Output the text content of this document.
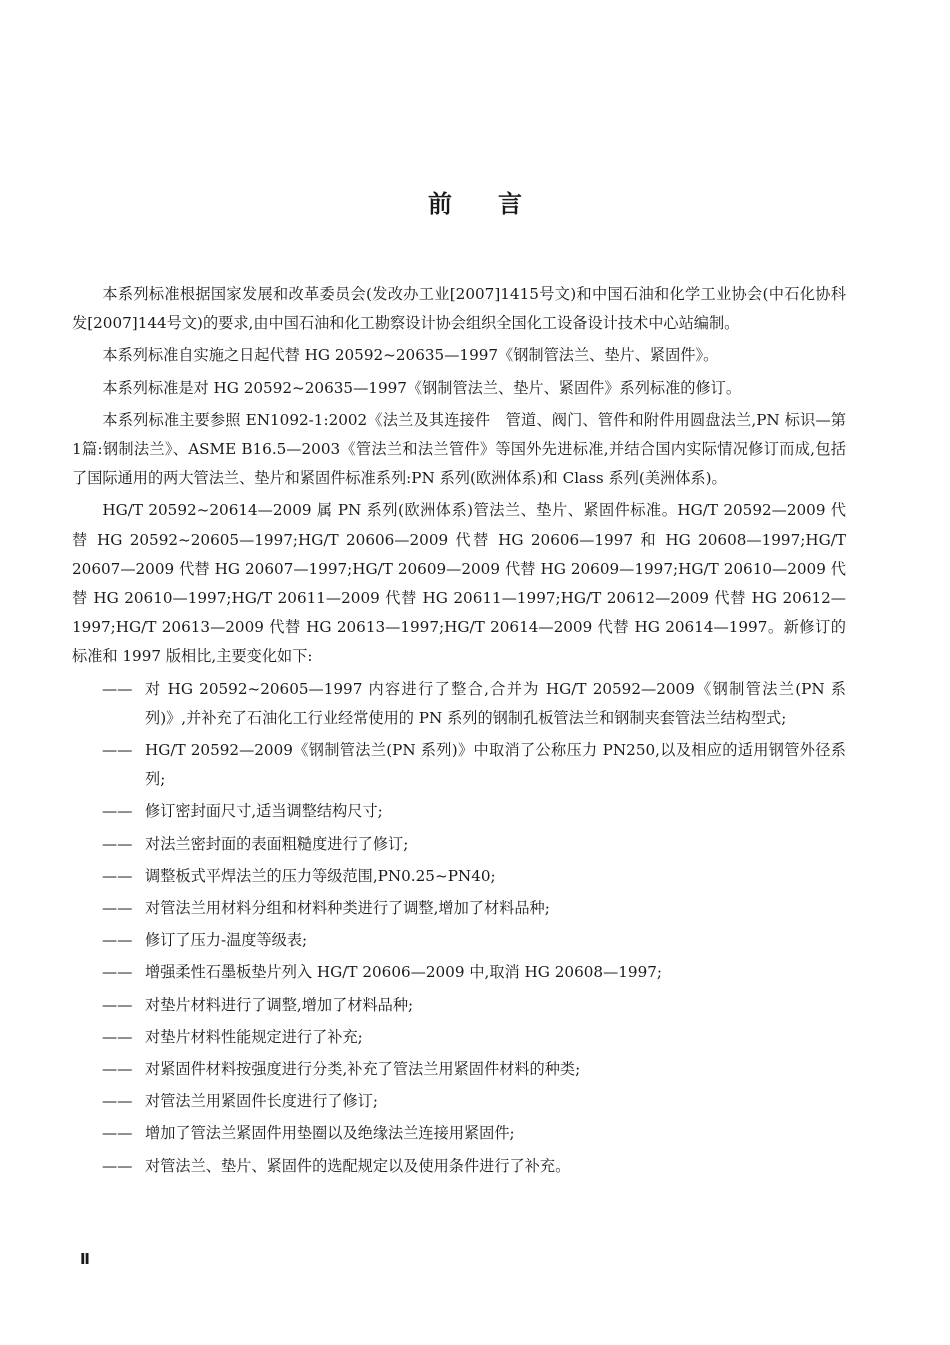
前言

本系列标准根据国家发展和改革委员会(发改办工业[2007]1415号文)和中国石油和化学工业协会(中石化协科发[2007]144号文)的要求,由中国石油和化工勘察设计协会组织全国化工设备设计技术中心站编制。

本系列标准自实施之日起代替 HG 20592~20635—1997《钢制管法兰、垫片、紧固件》。

本系列标准是对 HG 20592~20635—1997《钢制管法兰、垫片、紧固件》系列标准的修订。

本系列标准主要参照 EN1092-1:2002《法兰及其连接件　管道、阀门、管件和附件用圆盘法兰,PN 标识—第1篇:钢制法兰》、ASME B16.5—2003《管法兰和法兰管件》等国外先进标准,并结合国内实际情况修订而成,包括了国际通用的两大管法兰、垫片和紧固件标准系列:PN 系列(欧洲体系)和 Class 系列(美洲体系)。

HG/T 20592~20614—2009 属 PN 系列(欧洲体系)管法兰、垫片、紧固件标准。HG/T 20592—2009 代替 HG 20592~20605—1997;HG/T 20606—2009 代替 HG 20606—1997 和 HG 20608—1997;HG/T 20607—2009 代替 HG 20607—1997;HG/T 20609—2009 代替 HG 20609—1997;HG/T 20610—2009 代替 HG 20610—1997;HG/T 20611—2009 代替 HG 20611—1997;HG/T 20612—2009 代替 HG 20612—1997;HG/T 20613—2009 代替 HG 20613—1997;HG/T 20614—2009 代替 HG 20614—1997。新修订的标准和 1997 版相比,主要变化如下:

—— 对 HG 20592~20605—1997 内容进行了整合,合并为 HG/T 20592—2009《钢制管法兰(PN 系列)》,并补充了石油化工行业经常使用的 PN 系列的钢制孔板管法兰和钢制夹套管法兰结构型式;
—— HG/T 20592—2009《钢制管法兰(PN 系列)》中取消了公称压力 PN250,以及相应的适用钢管外径系列;
—— 修订密封面尺寸,适当调整结构尺寸;
—— 对法兰密封面的表面粗糙度进行了修订;
—— 调整板式平焊法兰的压力等级范围,PN0.25~PN40;
—— 对管法兰用材料分组和材料种类进行了调整,增加了材料品种;
—— 修订了压力-温度等级表;
—— 增强柔性石墨板垫片列入 HG/T 20606—2009 中,取消 HG 20608—1997;
—— 对垫片材料进行了调整,增加了材料品种;
—— 对垫片材料性能规定进行了补充;
—— 对紧固件材料按强度进行分类,补充了管法兰用紧固件材料的种类;
—— 对管法兰用紧固件长度进行了修订;
—— 增加了管法兰紧固件用垫圈以及绝缘法兰连接用紧固件;
—— 对管法兰、垫片、紧固件的选配规定以及使用条件进行了补充。
Ⅱ
